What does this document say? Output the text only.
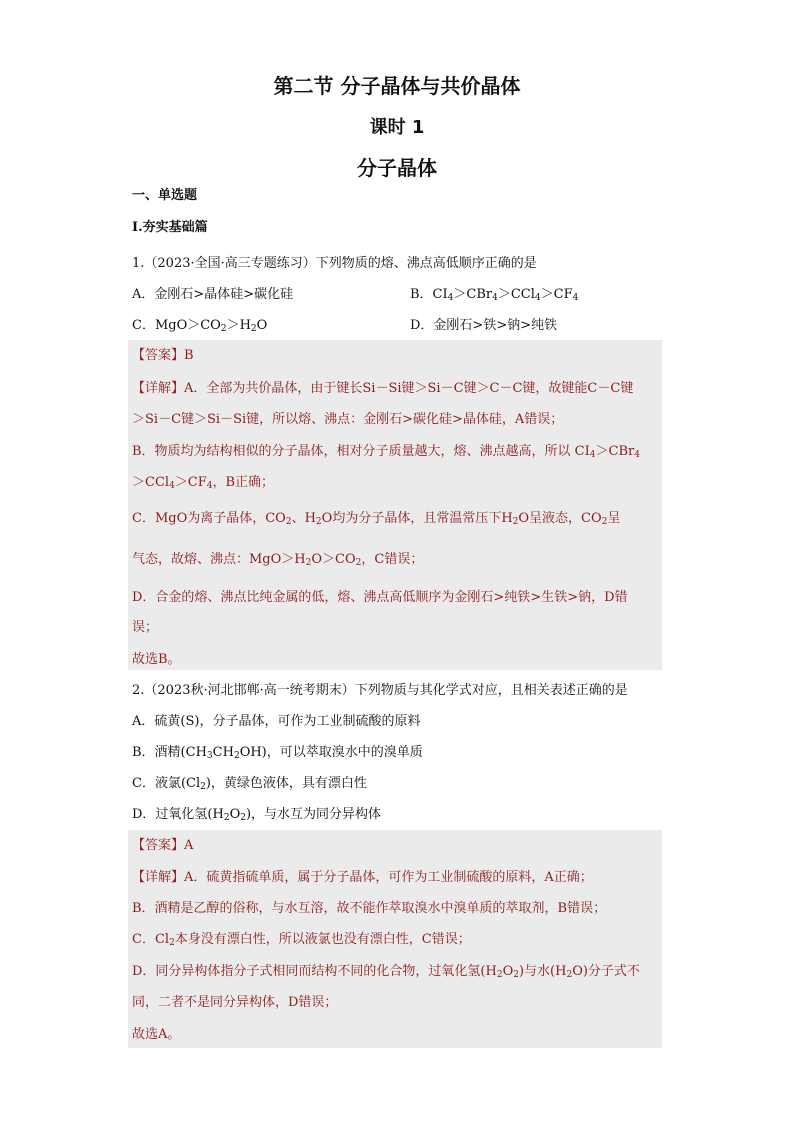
第二节 分子晶体与共价晶体
课时 1
分子晶体
一、单选题
Ⅰ.夯实基础篇
1.（2023·全国·高三专题练习）下列物质的熔、沸点高低顺序正确的是
A．金刚石>晶体硅>碳化硅	B．$CI_4>CBr_4>CCl_4>CF_4$
C．$MgO>CO_2>H_2O$	D．金刚石>铁>钠>纯铁
【答案】B
【详解】A．全部为共价晶体，由于键长Si－Si键＞Si－C键＞C－C键，故键能C－C键
＞Si－C键＞Si－Si键，所以熔、沸点：金刚石>碳化硅>晶体硅，A错误；
B．物质均为结构相似的分子晶体，相对分子质量越大，熔、沸点越高，所以 $CI_4>CBr_4$
$>CCl_4>CF_4$，B正确；
C．MgO为离子晶体，$CO_2$、$H_2O$均为分子晶体，且常温常压下$H_2O$呈液态，$CO_2$呈
气态，故熔、沸点：$MgO>H_2O>CO_2$，C错误；
D．合金的熔、沸点比纯金属的低，熔、沸点高低顺序为金刚石>纯铁>生铁>钠，D错
误；
故选B。
2.（2023秋·河北邯郸·高一统考期末）下列物质与其化学式对应，且相关表述正确的是
A．硫黄(S)，分子晶体，可作为工业制硫酸的原料
B．酒精$(CH_3CH_2OH)$，可以萃取溴水中的溴单质
C．液氯$(Cl_2)$，黄绿色液体，具有漂白性
D．过氧化氢$(H_2O_2)$，与水互为同分异构体
【答案】A
【详解】A．硫黄指硫单质，属于分子晶体，可作为工业制硫酸的原料，A正确；
B．酒精是乙醇的俗称，与水互溶，故不能作萃取溴水中溴单质的萃取剂，B错误；
C．$Cl_2$本身没有漂白性，所以液氯也没有漂白性，C错误；
D．同分异构体指分子式相同而结构不同的化合物，过氧化氢$(H_2O_2)$与水$(H_2O)$分子式不
同，二者不是同分异构体，D错误；
故选A。
